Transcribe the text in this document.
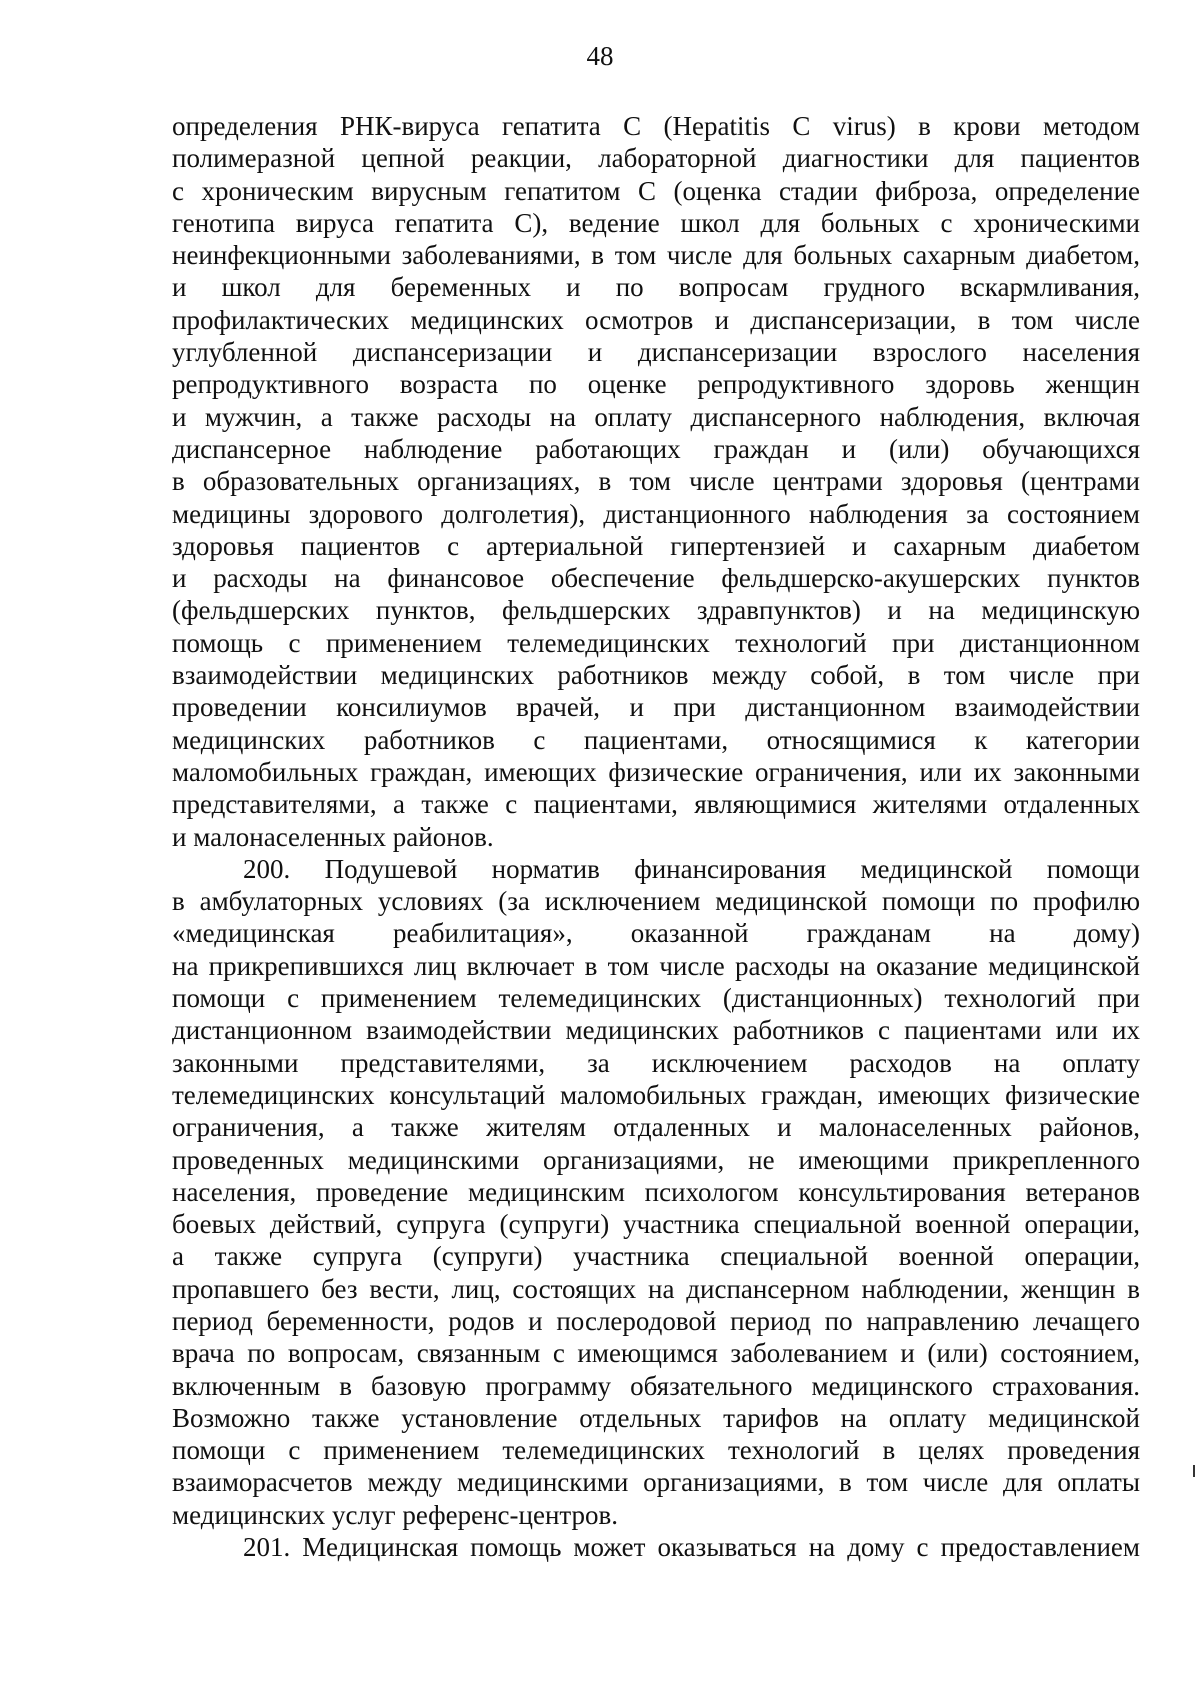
48
определения РНК-вируса гепатита С (Hepatitis C virus) в крови методом
полимеразной цепной реакции, лабораторной диагностики для пациентов
с хроническим вирусным гепатитом С (оценка стадии фиброза, определение
генотипа вируса гепатита С), ведение школ для больных с хроническими
неинфекционными заболеваниями, в том числе для больных сахарным диабетом,
и школ для беременных и по вопросам грудного вскармливания,
профилактических медицинских осмотров и диспансеризации, в том числе
углубленной диспансеризации и диспансеризации взрослого населения
репродуктивного возраста по оценке репродуктивного здоровь женщин
и мужчин, а также расходы на оплату диспансерного наблюдения, включая
диспансерное наблюдение работающих граждан и (или) обучающихся
в образовательных организациях, в том числе центрами здоровья (центрами
медицины здорового долголетия), дистанционного наблюдения за состоянием
здоровья пациентов с артериальной гипертензией и сахарным диабетом
и расходы на финансовое обеспечение фельдшерско-акушерских пунктов
(фельдшерских пунктов, фельдшерских здравпунктов) и на медицинскую
помощь с применением телемедицинских технологий при дистанционном
взаимодействии медицинских работников между собой, в том числе при
проведении консилиумов врачей, и при дистанционном взаимодействии
медицинских работников с пациентами, относящимися к категории
маломобильных граждан, имеющих физические ограничения, или их законными
представителями, а также с пациентами, являющимися жителями отдаленных
и малонаселенных районов.
200. Подушевой норматив финансирования медицинской помощи
в амбулаторных условиях (за исключением медицинской помощи по профилю
«медицинская реабилитация», оказанной гражданам на дому)
на прикрепившихся лиц включает в том числе расходы на оказание медицинской
помощи с применением телемедицинских (дистанционных) технологий при
дистанционном взаимодействии медицинских работников с пациентами или их
законными представителями, за исключением расходов на оплату
телемедицинских консультаций маломобильных граждан, имеющих физические
ограничения, а также жителям отдаленных и малонаселенных районов,
проведенных медицинскими организациями, не имеющими прикрепленного
населения, проведение медицинским психологом консультирования ветеранов
боевых действий, супруга (супруги) участника специальной военной операции,
а также супруга (супруги) участника специальной военной операции,
пропавшего без вести, лиц, состоящих на диспансерном наблюдении, женщин в
период беременности, родов и послеродовой период по направлению лечащего
врача по вопросам, связанным с имеющимся заболеванием и (или) состоянием,
включенным в базовую программу обязательного медицинского страхования.
Возможно также установление отдельных тарифов на оплату медицинской
помощи с применением телемедицинских технологий в целях проведения
взаиморасчетов между медицинскими организациями, в том числе для оплаты
медицинских услуг референс-центров.
201. Медицинская помощь может оказываться на дому с предоставлением
